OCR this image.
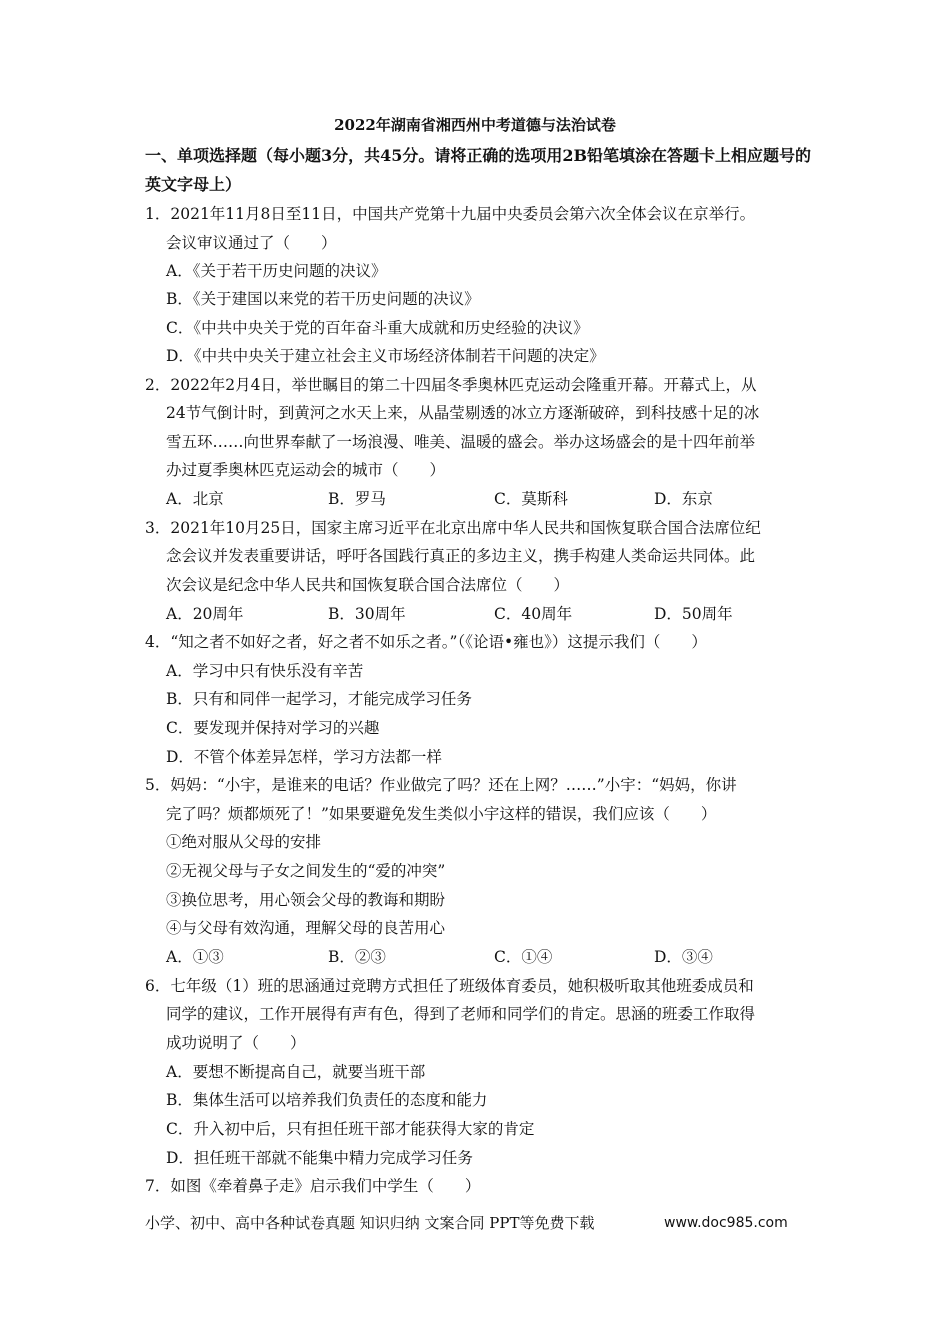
2022年湖南省湘西州中考道德与法治试卷
一、单项选择题（每小题3分，共45分。请将正确的选项用2B铅笔填涂在答题卡上相应题号的英文字母上）
1．2021年11月8日至11日，中国共产党第十九届中央委员会第六次全体会议在京举行。
会议审议通过了（　　）
A．《关于若干历史问题的决议》
B．《关于建国以来党的若干历史问题的决议》
C．《中共中央关于党的百年奋斗重大成就和历史经验的决议》
D．《中共中央关于建立社会主义市场经济体制若干问题的决定》
2．2022年2月4日，举世瞩目的第二十四届冬季奥林匹克运动会隆重开幕。开幕式上，从
24节气倒计时，到黄河之水天上来，从晶莹剔透的冰立方逐渐破碎，到科技感十足的冰
雪五环……向世界奉献了一场浪漫、唯美、温暖的盛会。举办这场盛会的是十四年前举
办过夏季奥林匹克运动会的城市（　　）
A．北京	B．罗马	C．莫斯科	D．东京
3．2021年10月25日，国家主席习近平在北京出席中华人民共和国恢复联合国合法席位纪
念会议并发表重要讲话，呼吁各国践行真正的多边主义，携手构建人类命运共同体。此
次会议是纪念中华人民共和国恢复联合国合法席位（　　）
A．20周年	B．30周年	C．40周年	D．50周年
4．“知之者不如好之者，好之者不如乐之者。”（《论语•雍也》）这提示我们（　　）
A．学习中只有快乐没有辛苦
B．只有和同伴一起学习，才能完成学习任务
C．要发现并保持对学习的兴趣
D．不管个体差异怎样，学习方法都一样
5．妈妈：“小宇，是谁来的电话？作业做完了吗？还在上网？……”小宇：“妈妈，你讲
完了吗？烦都烦死了！”如果要避免发生类似小宇这样的错误，我们应该（　　）
①绝对服从父母的安排
②无视父母与子女之间发生的“爱的冲突”
③换位思考，用心领会父母的教诲和期盼
④与父母有效沟通，理解父母的良苦用心
A．①③	B．②③	C．①④	D．③④
6．七年级（1）班的思涵通过竞聘方式担任了班级体育委员，她积极听取其他班委成员和
同学的建议，工作开展得有声有色，得到了老师和同学们的肯定。思涵的班委工作取得
成功说明了（　　）
A．要想不断提高自己，就要当班干部
B．集体生活可以培养我们负责任的态度和能力
C．升入初中后，只有担任班干部才能获得大家的肯定
D．担任班干部就不能集中精力完成学习任务
7．如图《牵着鼻子走》启示我们中学生（　　）
小学、初中、高中各种试卷真题 知识归纳 文案合同 PPT等免费下载	www.doc985.com
